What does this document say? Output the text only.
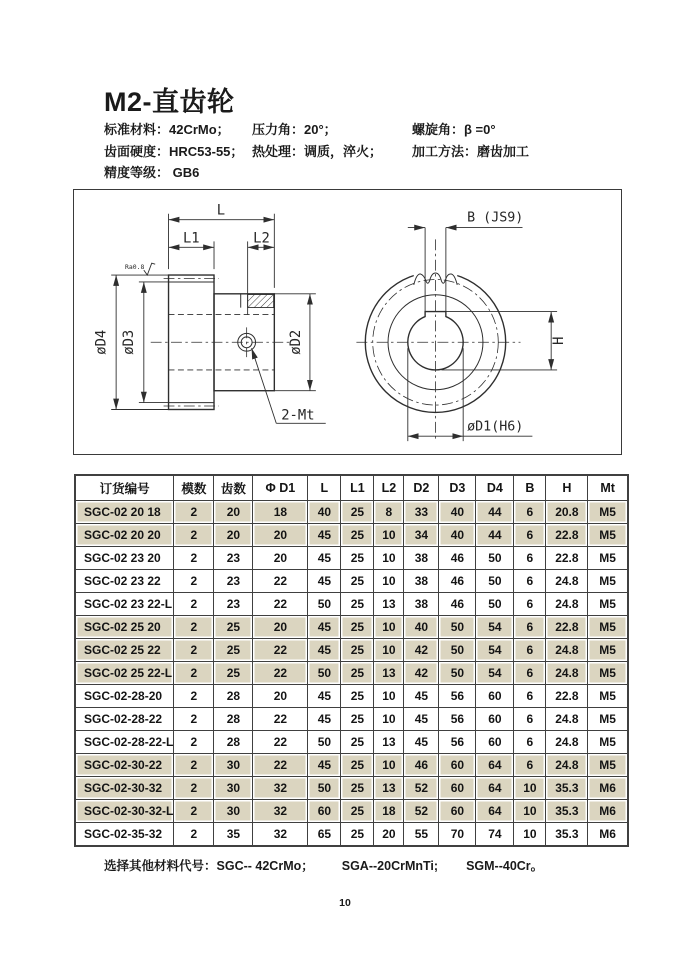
M2-直齿轮
标准材料：42CrMo；	压力角：20°；	螺旋角：β =0°
齿面硬度：HRC53-55； 热处理：调质，淬火；	加工方法：磨齿加工
精度等级： GB6
2-Mt
L
L1	L2
øD4 øD3	øD2
Ra0.8
B (JS9)
H
øD1(H6)
订货编号	模数	齿数	Φ D1	L	L1	L2	D2	D3	D4	B	H	Mt
SGC-02 20 18	2	20	18	40	25	8	33	40	44	6	20.8	M5
SGC-02 20 20	2	20	20	45	25	10	34	40	44	6	22.8	M5
SGC-02 23 20	2	23	20	45	25	10	38	46	50	6	22.8	M5
SGC-02 23 22	2	23	22	45	25	10	38	46	50	6	24.8	M5
SGC-02 23 22-L	2	23	22	50	25	13	38	46	50	6	24.8	M5
SGC-02 25 20	2	25	20	45	25	10	40	50	54	6	22.8	M5
SGC-02 25 22	2	25	22	45	25	10	42	50	54	6	24.8	M5
SGC-02 25 22-L	2	25	22	50	25	13	42	50	54	6	24.8	M5
SGC-02-28-20	2	28	20	45	25	10	45	56	60	6	22.8	M5
SGC-02-28-22	2	28	22	45	25	10	45	56	60	6	24.8	M5
SGC-02-28-22-L	2	28	22	50	25	13	45	56	60	6	24.8	M5
SGC-02-30-22	2	30	22	45	25	10	46	60	64	6	24.8	M5
SGC-02-30-32	2	30	32	50	25	13	52	60	64	10	35.3	M6
SGC-02-30-32-L	2	30	32	60	25	18	52	60	64	10	35.3	M6
SGC-02-35-32	2	35	32	65	25	20	55	70	74	10	35.3	M6
选择其他材料代号：SGC-- 42CrMo； SGA--20CrMnTi; SGM--40Cr。
10
